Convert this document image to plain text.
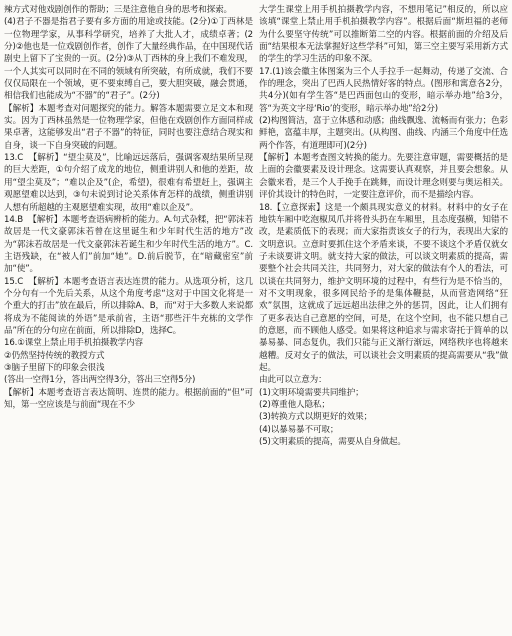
辣方式对他戏剧创作的帮助；三是注意他自身的思考和探索。

(4)君子不器是指君子要有多方面的用途或技能。(2分)①丁西林是一位物理学家，从事科学研究，培养了大批人才，成绩卓著；(2分)②他也是一位戏剧创作者，创作了大量经典作品，在中国现代话剧史上留下了宝贵的一页。(2分)③从丁西林的身上我们不难发现，一个人其实可以同时在不同的领域有所突破，有所成就，我们不要仅仅局限在一个领域，更不要束缚自己，要大胆突破，融会贯通，相信我们也能成为“不器”的“君子”。(2分)

【解析】本题考查对问题探究的能力。解答本题需要立足文本和现实。因为丁西林虽然是一位物理学家，但他在戏剧创作方面同样成果卓著，这能够发出“君子不器”的特征，同时也要注意结合现实和自身，谈一下自身突破的问题。

13.C  【解析】“望尘莫及”，比喻远远落后，强调客观结果所呈现的巨大差距，①句介绍了成龙的地位，侧重讲别人和他的差距，故用“望尘莫及”；“难以企及”(企，希望)，很难有希望赶上，强调主观愿望难以达到，③句未说到讨论关系体育怎样的战绩，侧重讲别人想有所超越的主观愿望难实现，故用“难以企及”。

14.B  【解析】本题考查语病辨析的能力。A.句式杂糅，把“郭沫若故居是一代文豪郭沫若曾在这里诞生和少年时代生活的地方”改为“郭沫若故居是一代文豪郭沫若诞生和少年时代生活的地方”。C.主语残缺，在“被人们”前加“她”。D.前后脱节，在“暗藏密室”前加“使”。

15.C  【解析】本题考查语言表达连贯的能力。从选项分析，这几个分句有一个先后关系，从这个角度考虑“这对于中国文化将是一个重大的打击”放在最后，所以排除A、B，而“对于大多数人来说都将成为不能阅读的外语”是承前省，主语“那些汗牛充栋的文学作品”所在的分句应在前面，所以排除D，选择C。

16.①课堂上禁止用手机拍摄教学内容

②仍然坚持传统的教授方式

③脑子里留下的印象会很浅

(答出一空得1分，答出两空得3分，答出三空得5分)

【解析】本题考查语言表达简明、连贯的能力。根据前面的“但”可知，第一空应该是与前面“现在不少

大学生课堂上用手机拍摄教学内容，不想用笔记”相反的，所以应该填“课堂上禁止用手机拍摄教学内容”。根据后面“斯坦福的老师为什么要坚守传统”可以推断第二空的内容。根据前面的介绍及后面“结果根本无法掌握好这些学科”可知，第三空主要写采用新方式的学生的学习生活的印象不深。

17.(1)该会徽主体图案为三个人手拉手一起舞动，传递了交流、合作的理念，突出了巴西人民热情好客的特点。(图形和寓意各2分，共4分)(如有学生答“是巴西面包山的变形，暗示举办地”给3分，答“为英文字母‘Rio’的变形，暗示举办地”给2分)

(2)构图简洁，富于立体感和动感；曲线飘逸、流畅而有张力；色彩鲜艳，富蕴丰厚，主题突出。(从构图、曲线、内涵三个角度中任选两个作答，有道理即可)(2分)

【解析】本题考查图文转换的能力。先要注意审题，需要概括的是上面的会徽要素及设计理念。这需要认真观察，并且要会想象。从会徽来看，是三个人手挽手在跳舞，而设计理念则要与奥运相关。评价其设计的特色时，一定要注意评价，而不是描绘内容。

18.【立意探索】这是一个颇具现实意义的材料。材料中的女子在地铁车厢中吃泡椒凤爪并将骨头扔在车厢里，且态度强横，知错不改，是素质低下的表现；而大家指责该女子的行为，表现出大家的文明意识。立意时要抓住这个矛盾来谈，不要不谈这个矛盾仅就女子未谈要讲文明。就支持大家的做法，可以谈文明素质的提高，需要整个社会共同关注，共同努力，对大家的做法有个人的看法，可以谈在共同努力，维护文明环境的过程中，有些行为是不恰当的，对不文明现象，很多网民给予的是集体鞭挞，从而营造网络“狂欢”氛围，这就成了远远超出法律之外的惩罚，因此，让人们拥有了更多表达自己意愿的空间，可是，在这个空间，也不能只想自己的意愿，而不顾他人感受。如果将这种追求与需求寄托于简单的以暴易暴、同态复仇，我们只能与正义渐行渐远，网络秩序也将越来越糟。反对女子的做法，可以谈社会文明素质的提高需要从“我”做起。

由此可以立意为：

(1)文明环境需要共同维护；

(2)尊重他人隐私；

(3)转换方式以期更好的效果；

(4)以暴易暴不可取；

(5)文明素质的提高，需要从自身做起。
